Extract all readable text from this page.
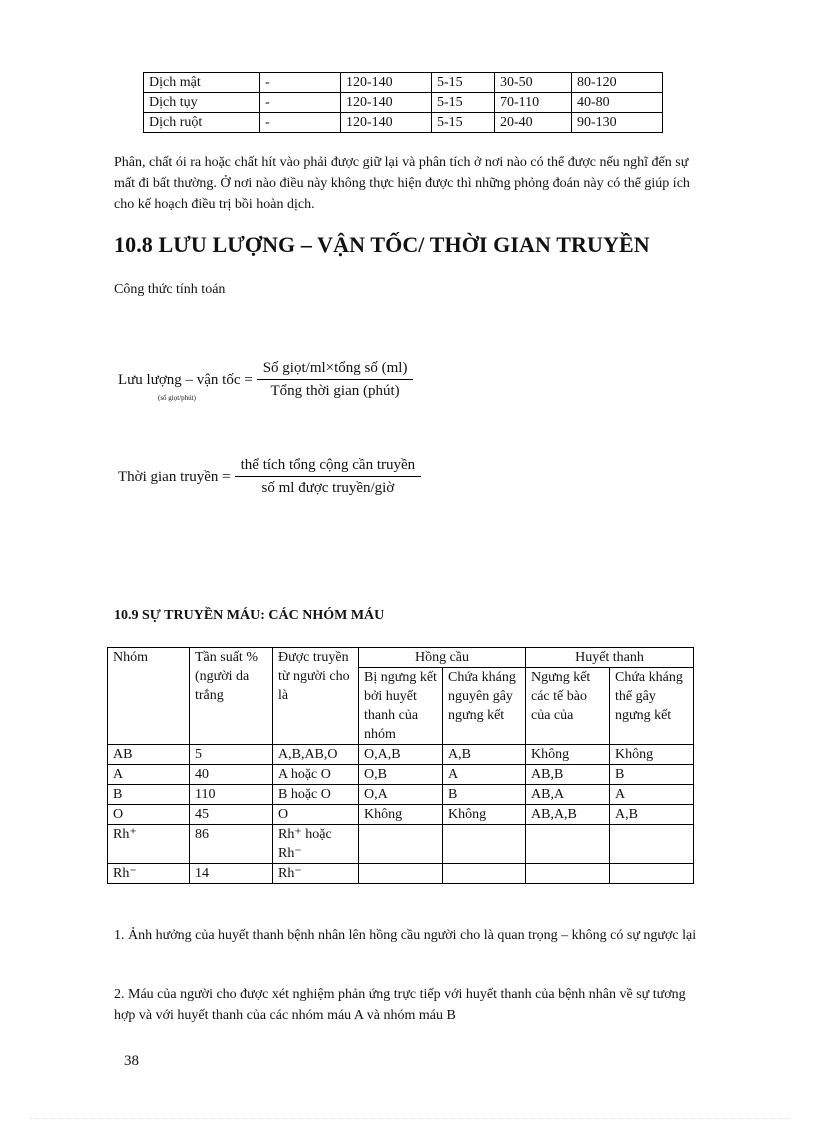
Dịch mật	-	120-140	5-15	30-50	80-120
Dịch tụy	-	120-140	5-15	70-110	40-80
Dịch ruột	-	120-140	5-15	20-40	90-130
Phân, chất ói ra hoặc chất hít vào phải được giữ lại và phân tích ở nơi nào có thể được nếu nghĩ đến sự mất đi bất thường. Ở nơi nào điều này không thực hiện được thì những phỏng đoán này có thể giúp ích cho kế hoạch điều trị bồi hoàn dịch.
10.8 LƯU LƯỢNG – VẬN TỐC/ THỜI GIAN TRUYỀN
Công thức tính toán
Lưu lượng – vận tốc =
(số giọt/phút)	$\frac{\text{Số giọt/ml×tổng số (ml)}}{\text{Tổng thời gian (phút)}}$
Thời gian truyền = $\frac{\text{thể tích tổng cộng cần truyền}}{\text{số ml được truyền/giờ}}$
10.9 SỰ TRUYỀN MÁU: CÁC NHÓM MÁU
Nhóm	Tần suất % (người da trắng	Được truyền từ người cho là	Hồng cầu		Huyết thanh	
			Bị ngưng kết bởi huyết thanh của nhóm	Chứa kháng nguyên gây ngưng kết	Ngưng kết các tế bào của của	Chứa kháng thể gây ngưng kết
AB	5	A,B,AB,O	O,A,B	A,B	Không	Không
A	40	A hoặc O	O,B	A	AB,B	B
B	110	B hoặc O	O,A	B	AB,A	A
O	45	O	Không	Không	AB,A,B	A,B
Rh⁺	86	Rh⁺ hoặc Rh⁻				
Rh⁻	14	Rh⁻				
1. Ảnh hưởng của huyết thanh bệnh nhân lên hồng cầu người cho là quan trọng – không có sự ngược lại
2. Máu của người cho được xét nghiệm phản ứng trực tiếp với huyết thanh của bệnh nhân về sự tương hợp và với huyết thanh của các nhóm máu A và nhóm máu B
38
